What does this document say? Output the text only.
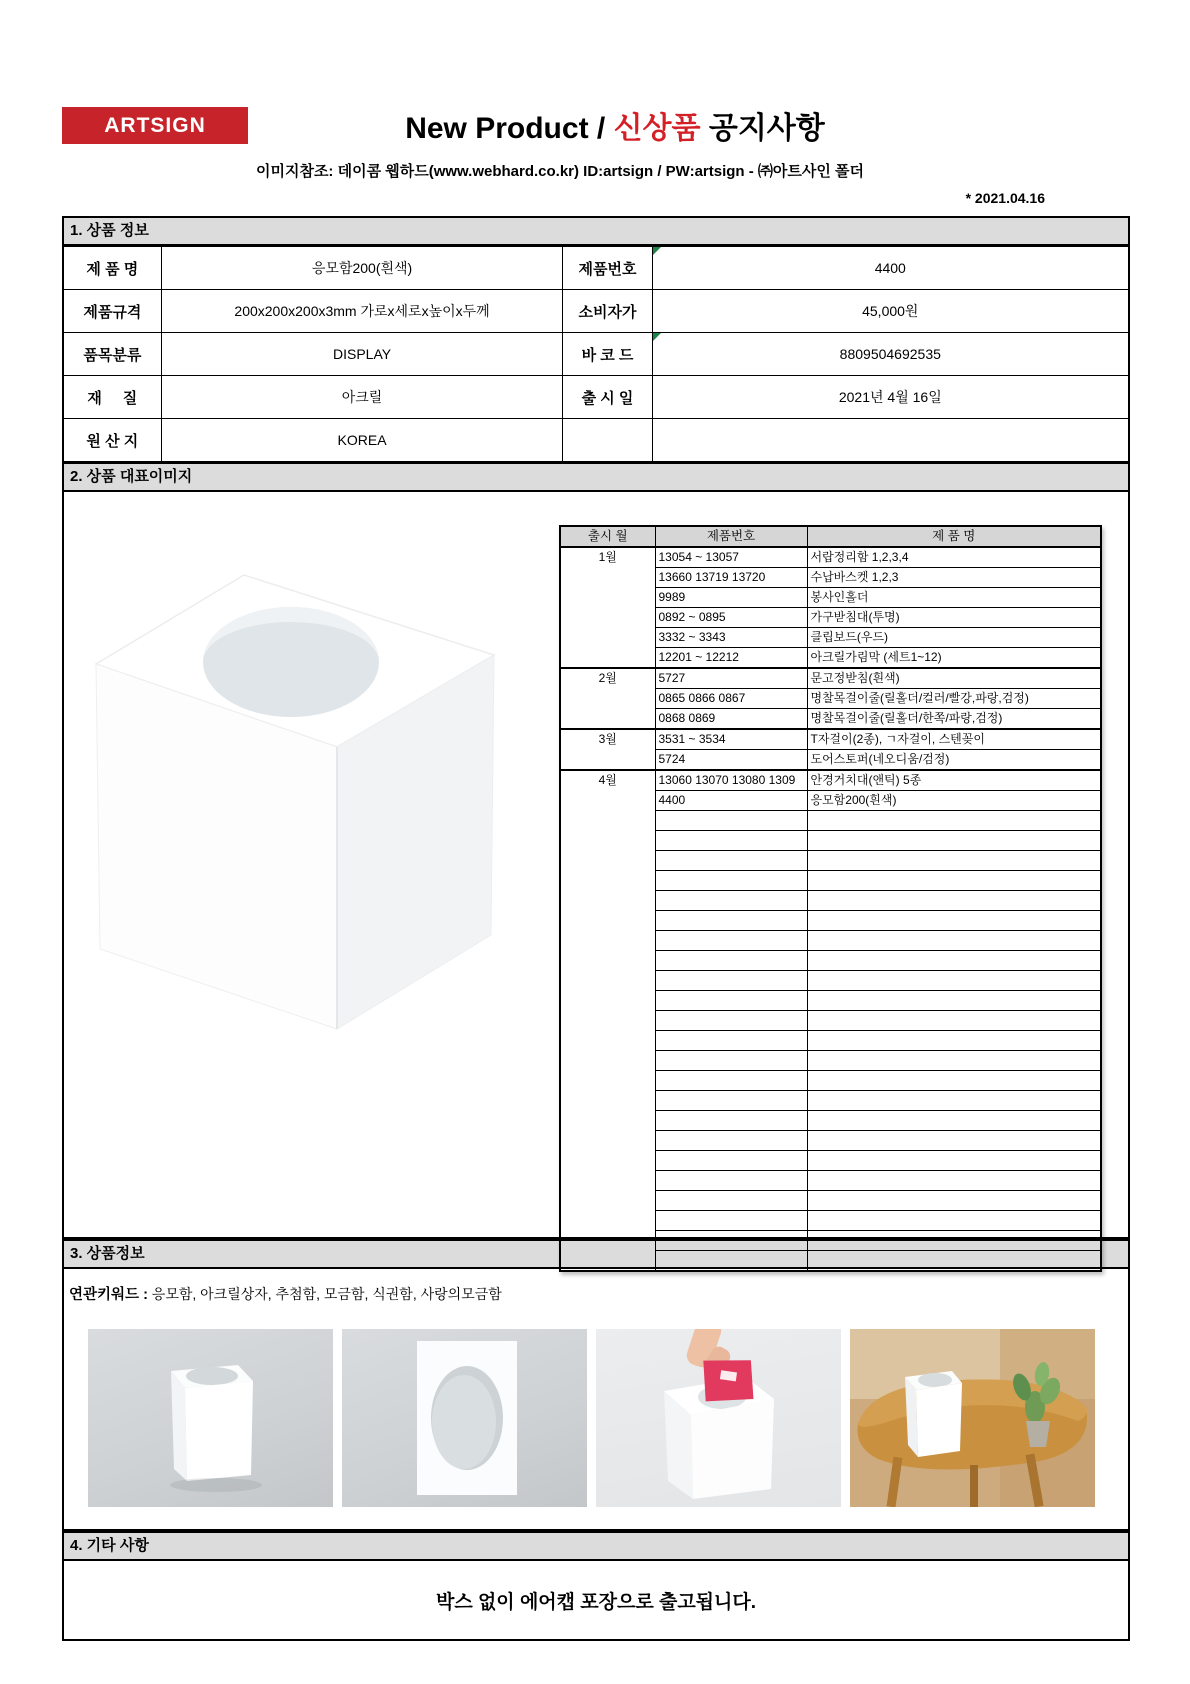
ARTSIGN	New Product / 신상품 공지사항
이미지참조: 데이콤 웹하드(www.webhard.co.kr) ID:artsign / PW:artsign - ㈜아트사인 폴더
* 2021.04.16
1. 상품 정보
제 품 명	응모함200(흰색)	제품번호	4400

제품규격	200x200x200x3mm 가로x세로x높이x두께	소비자가	45,000원
품목분류	DISPLAY	바 코 드	8809504692535

재     질	아크릴	출 시 일	2021년 4월 16일
원 산 지	KOREA		
2. 상품 대표이미지
출시 월	제품번호	제 품 명
1월	13054 ~ 13057	서랍정리함 1,2,3,4
	13660 13719 13720	수납바스켓 1,2,3
	9989	봉사인홀더
	0892 ~ 0895	가구받침대(투명)
	3332 ~ 3343	클립보드(우드)
	12201 ~ 12212	아크릴가림막 (세트1~12)
2월	5727	문고정받침(흰색)
	0865 0866 0867	명찰목걸이줄(릴홀더/컬러/빨강,파랑,검정)
	0868 0869	명찰목걸이줄(릴홀더/한쪽/파랑,검정)
3월	3531 ~ 3534	T자걸이(2종), ㄱ자걸이, 스텐꽂이
	5724	도어스토퍼(네오디움/검정)
4월	13060 13070 13080 1309	안경거치대(앤틱) 5종
	4400	응모함200(흰색)

3. 상품정보
연관키워드 : 응모함, 아크릴상자, 추첨함, 모금함, 식권함, 사랑의모금함
4. 기타 사항
박스 없이 에어캡 포장으로 출고됩니다.
